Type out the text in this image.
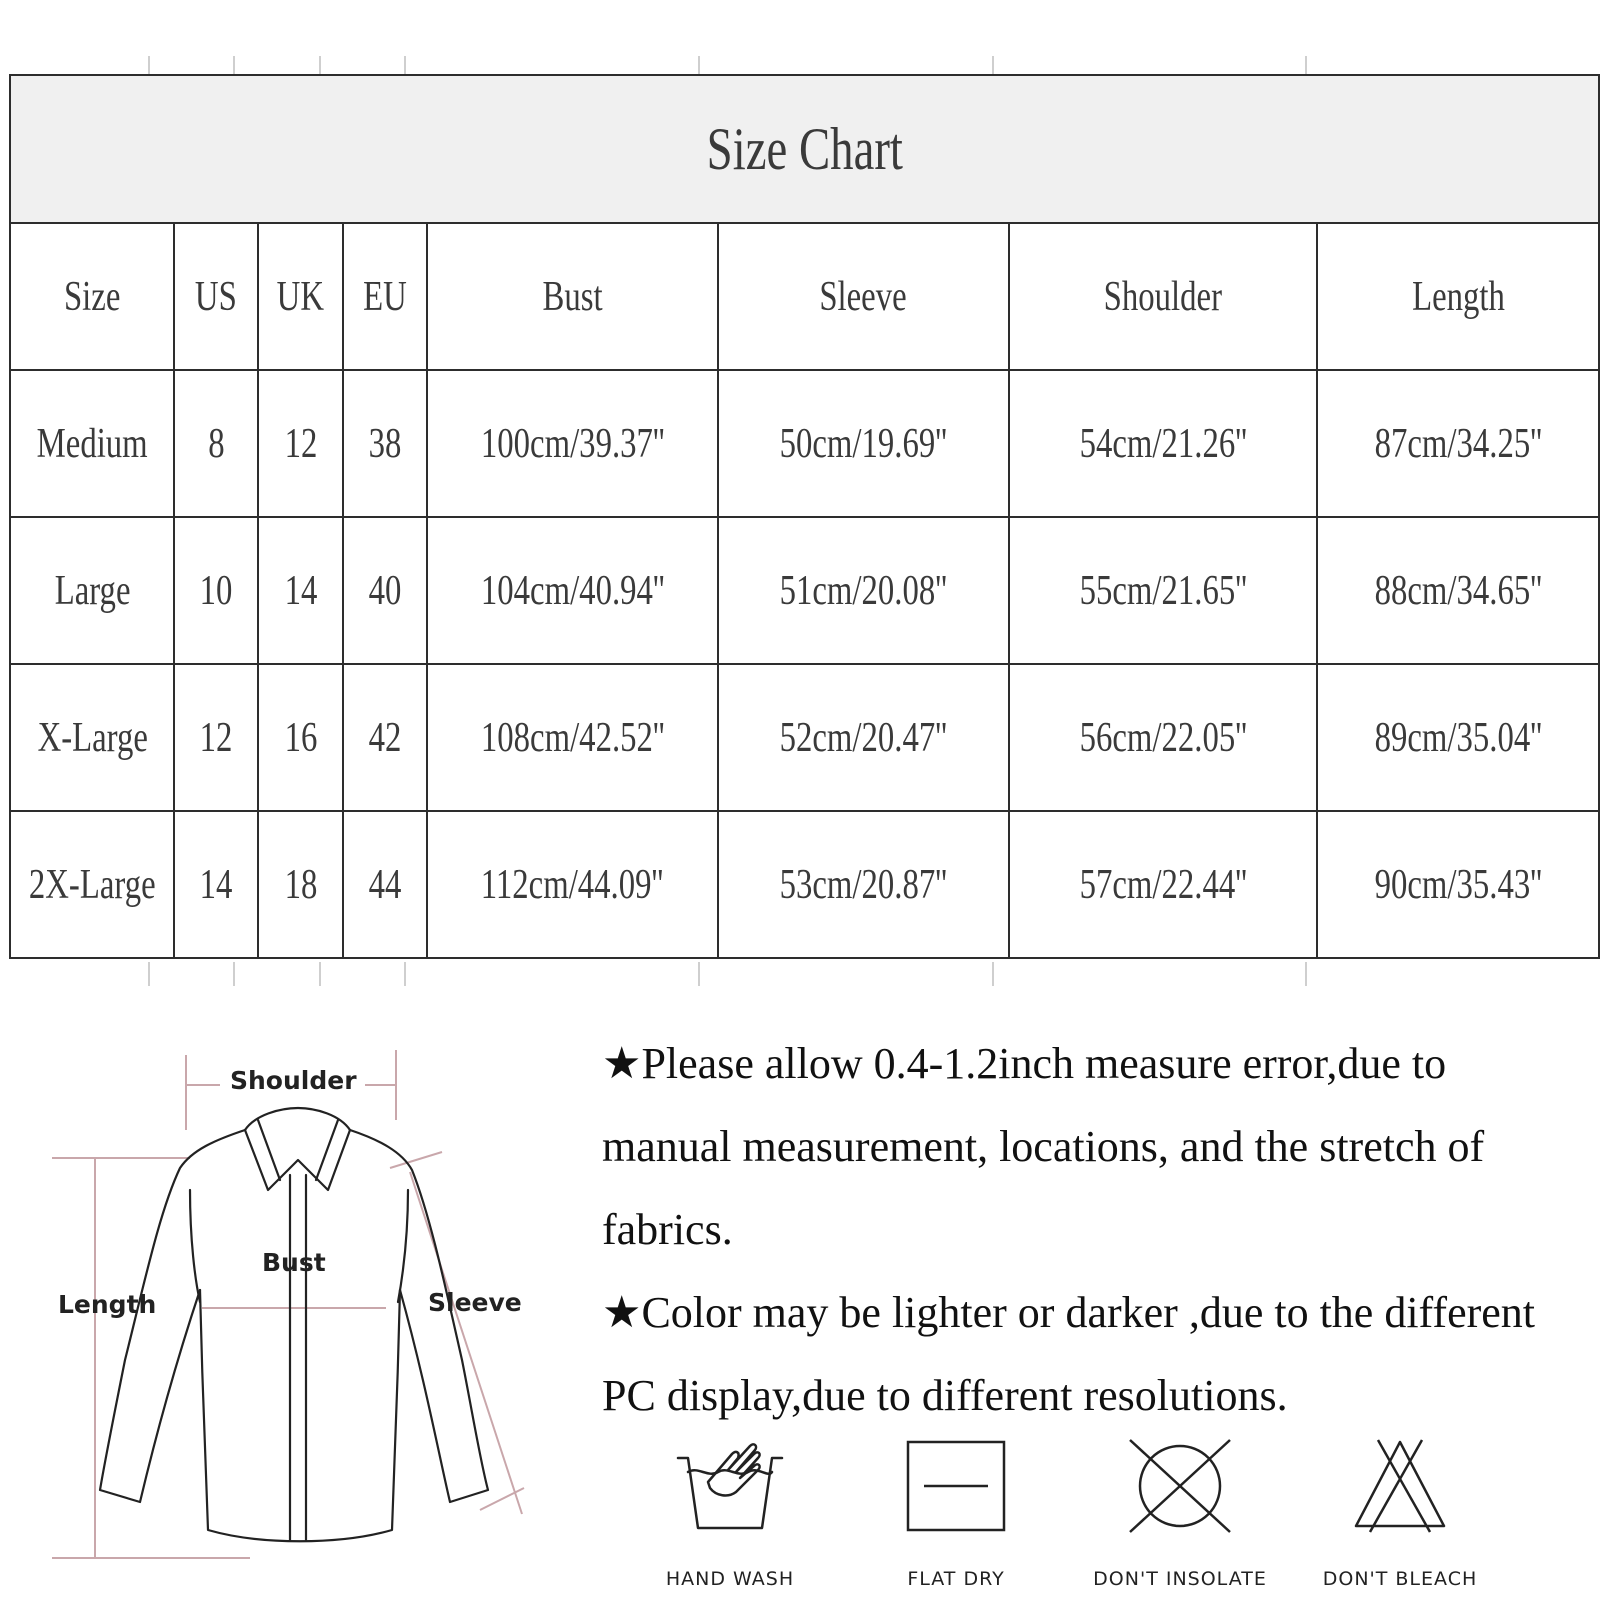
Size Chart							
Size	US	UK	EU	Bust	Sleeve	Shoulder	Length
Medium	8	12	38	100cm/39.37''	50cm/19.69''	54cm/21.26''	87cm/34.25''
Large	10	14	40	104cm/40.94''	51cm/20.08''	55cm/21.65''	88cm/34.65''
X-Large	12	16	42	108cm/42.52''	52cm/20.47''	56cm/22.05''	89cm/35.04''
2X-Large	14	18	44	112cm/44.09''	53cm/20.87''	57cm/22.44''	90cm/35.43''
Shoulder
Bust
Length	Sleeve

★Please allow 0.4-1.2inch measure error,due to manual measurement, locations, and the stretch of fabrics.

★Color may be lighter or darker ,due to the different PC display,due to different resolutions.

HAND WASH	FLAT DRY	DON'T INSOLATE	DON'T BLEACH
